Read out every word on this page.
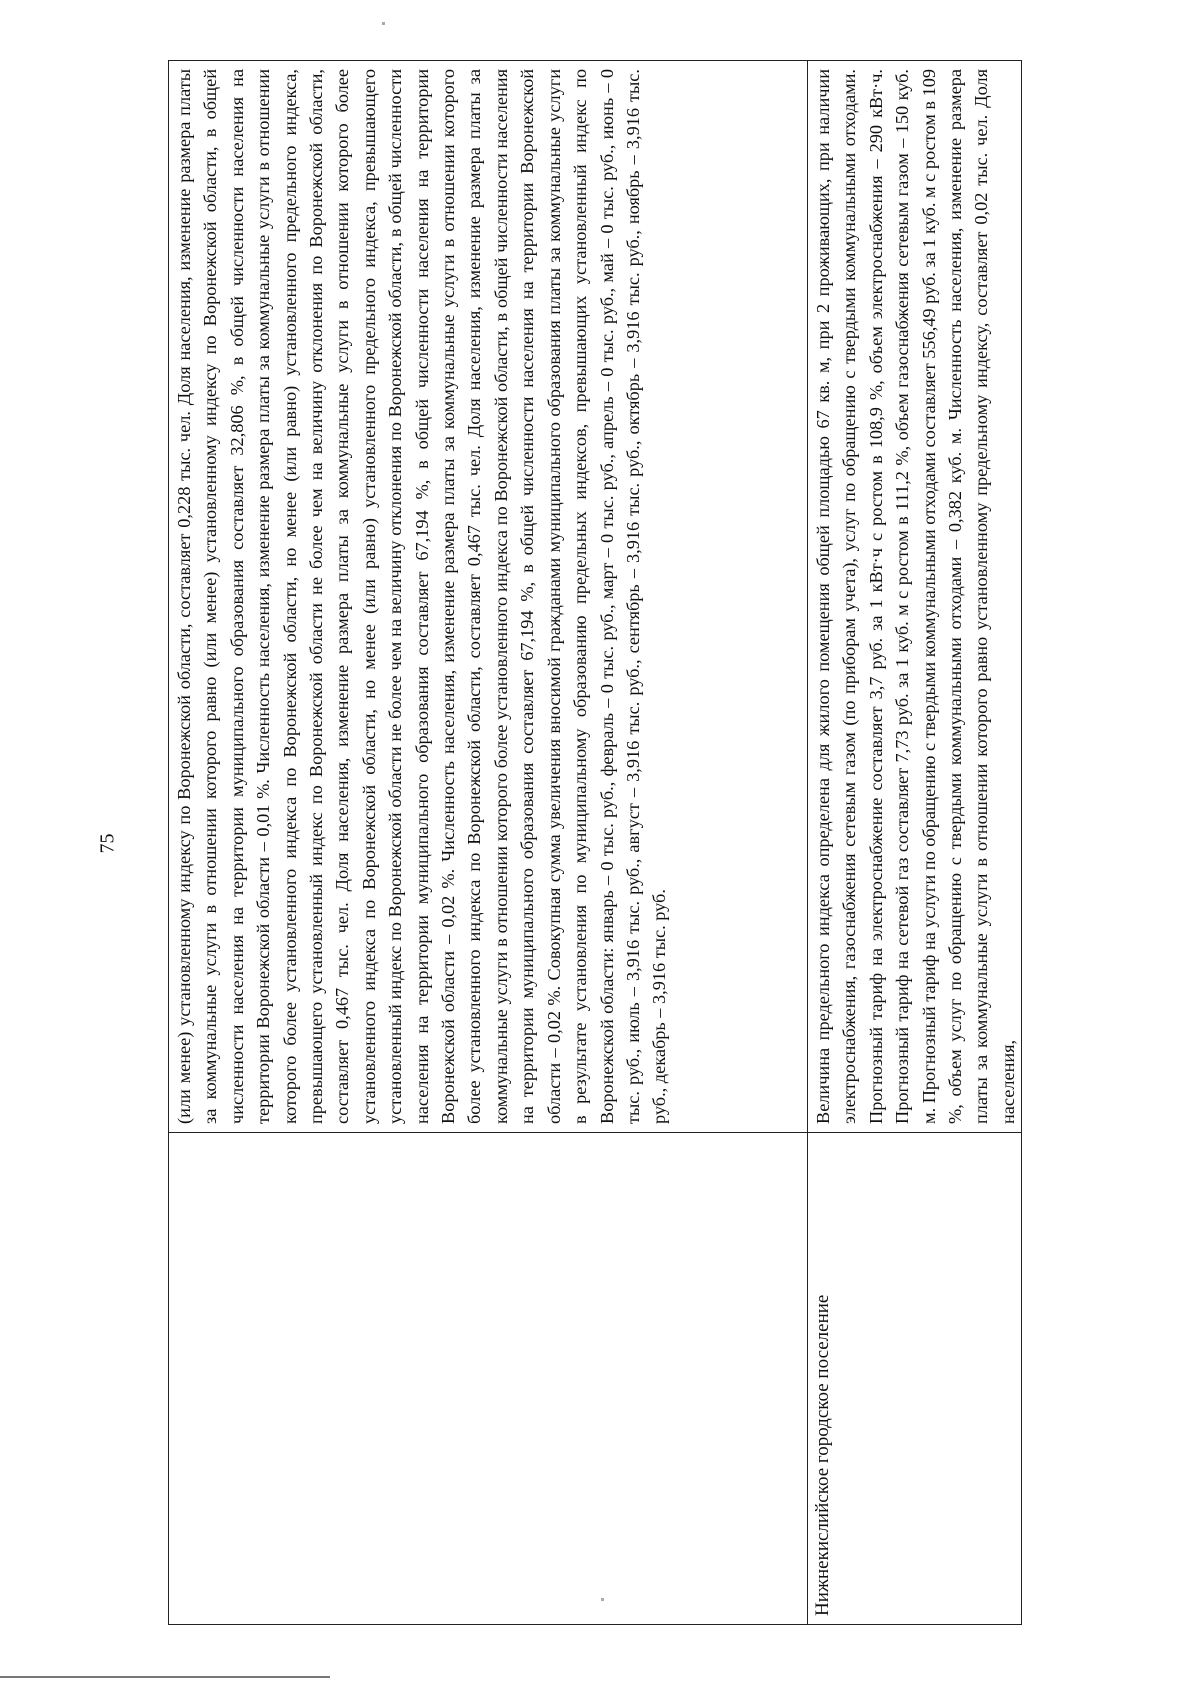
75
		(или менее) установленному индексу по Воронежской области, составляет 0,228 тыс. чел. Доля населения, изменение размера платы за коммунальные услуги в отношении которого равно (или менее) установленному индексу по Воронежской области, в общей численности населения на территории муниципального образования составляет 32,806 %, в общей численности населения на территории Воронежской области – 0,01 %. Численность населения, изменение размера платы за коммунальные услуги в отношении которого более установленного индекса по Воронежской области, но менее (или равно) установленного предельного индекса, превышающего установленный индекс по Воронежской области не более чем на величину отклонения по Воронежской области, составляет 0,467 тыс. чел. Доля населения, изменение размера платы за коммунальные услуги в отношении которого более установленного индекса по Воронежской области, но менее (или равно) установленного предельного индекса, превышающего установленный индекс по Воронежской области не более чем на величину отклонения по Воронежской области, в общей численности населения на территории муниципального образования составляет 67,194 %, в общей численности населения на территории Воронежской области – 0,02 %. Численность населения, изменение размера платы за коммунальные услуги в отношении которого более установленного индекса по Воронежской области, составляет 0,467 тыс. чел. Доля населения, изменение размера платы за коммунальные услуги в отношении которого более установленного индекса по Воронежской области, в общей численности населения на территории муниципального образования составляет 67,194 %, в общей численности населения на территории Воронежской области – 0,02 %. Совокупная сумма увеличения вносимой гражданами муниципального образования платы за коммунальные услуги в результате установления по муниципальному образованию предельных индексов, превышающих установленный индекс по Воронежской области: январь – 0 тыс. руб., февраль – 0 тыс. руб., март – 0 тыс. руб., апрель – 0 тыс. руб., май – 0 тыс. руб., июнь – 0 тыс. руб., июль – 3,916 тыс. руб., август – 3,916 тыс. руб., сентябрь – 3,916 тыс. руб., октябрь – 3,916 тыс. руб., ноябрь – 3,916 тыс. руб., декабрь – 3,916 тыс. руб.

Нижнекислийское городское поселение	Величина предельного индекса определена для жилого помещения общей площадью 67 кв. м, при 2 проживающих, при наличии электроснабжения, газоснабжения сетевым газом (по приборам учета), услуг по обращению с твердыми коммунальными отходами. Прогнозный тариф на электроснабжение составляет 3,7 руб. за 1 кВт·ч с ростом в 108,9 %, объем электроснабжения – 290 кВт·ч. Прогнозный тариф на сетевой газ составляет 7,73 руб. за 1 куб. м с ростом в 111,2 %, объем газоснабжения сетевым газом – 150 куб. м. Прогнозный тариф на услуги по обращению с твердыми коммунальными отходами составляет 556,49 руб. за 1 куб. м с ростом в 109 %, объем услуг по обращению с твердыми коммунальными отходами – 0,382 куб. м. Численность населения, изменение размера платы за коммунальные услуги в отношении которого равно установленному предельному индексу, составляет 0,02 тыс. чел. Доля населения,
